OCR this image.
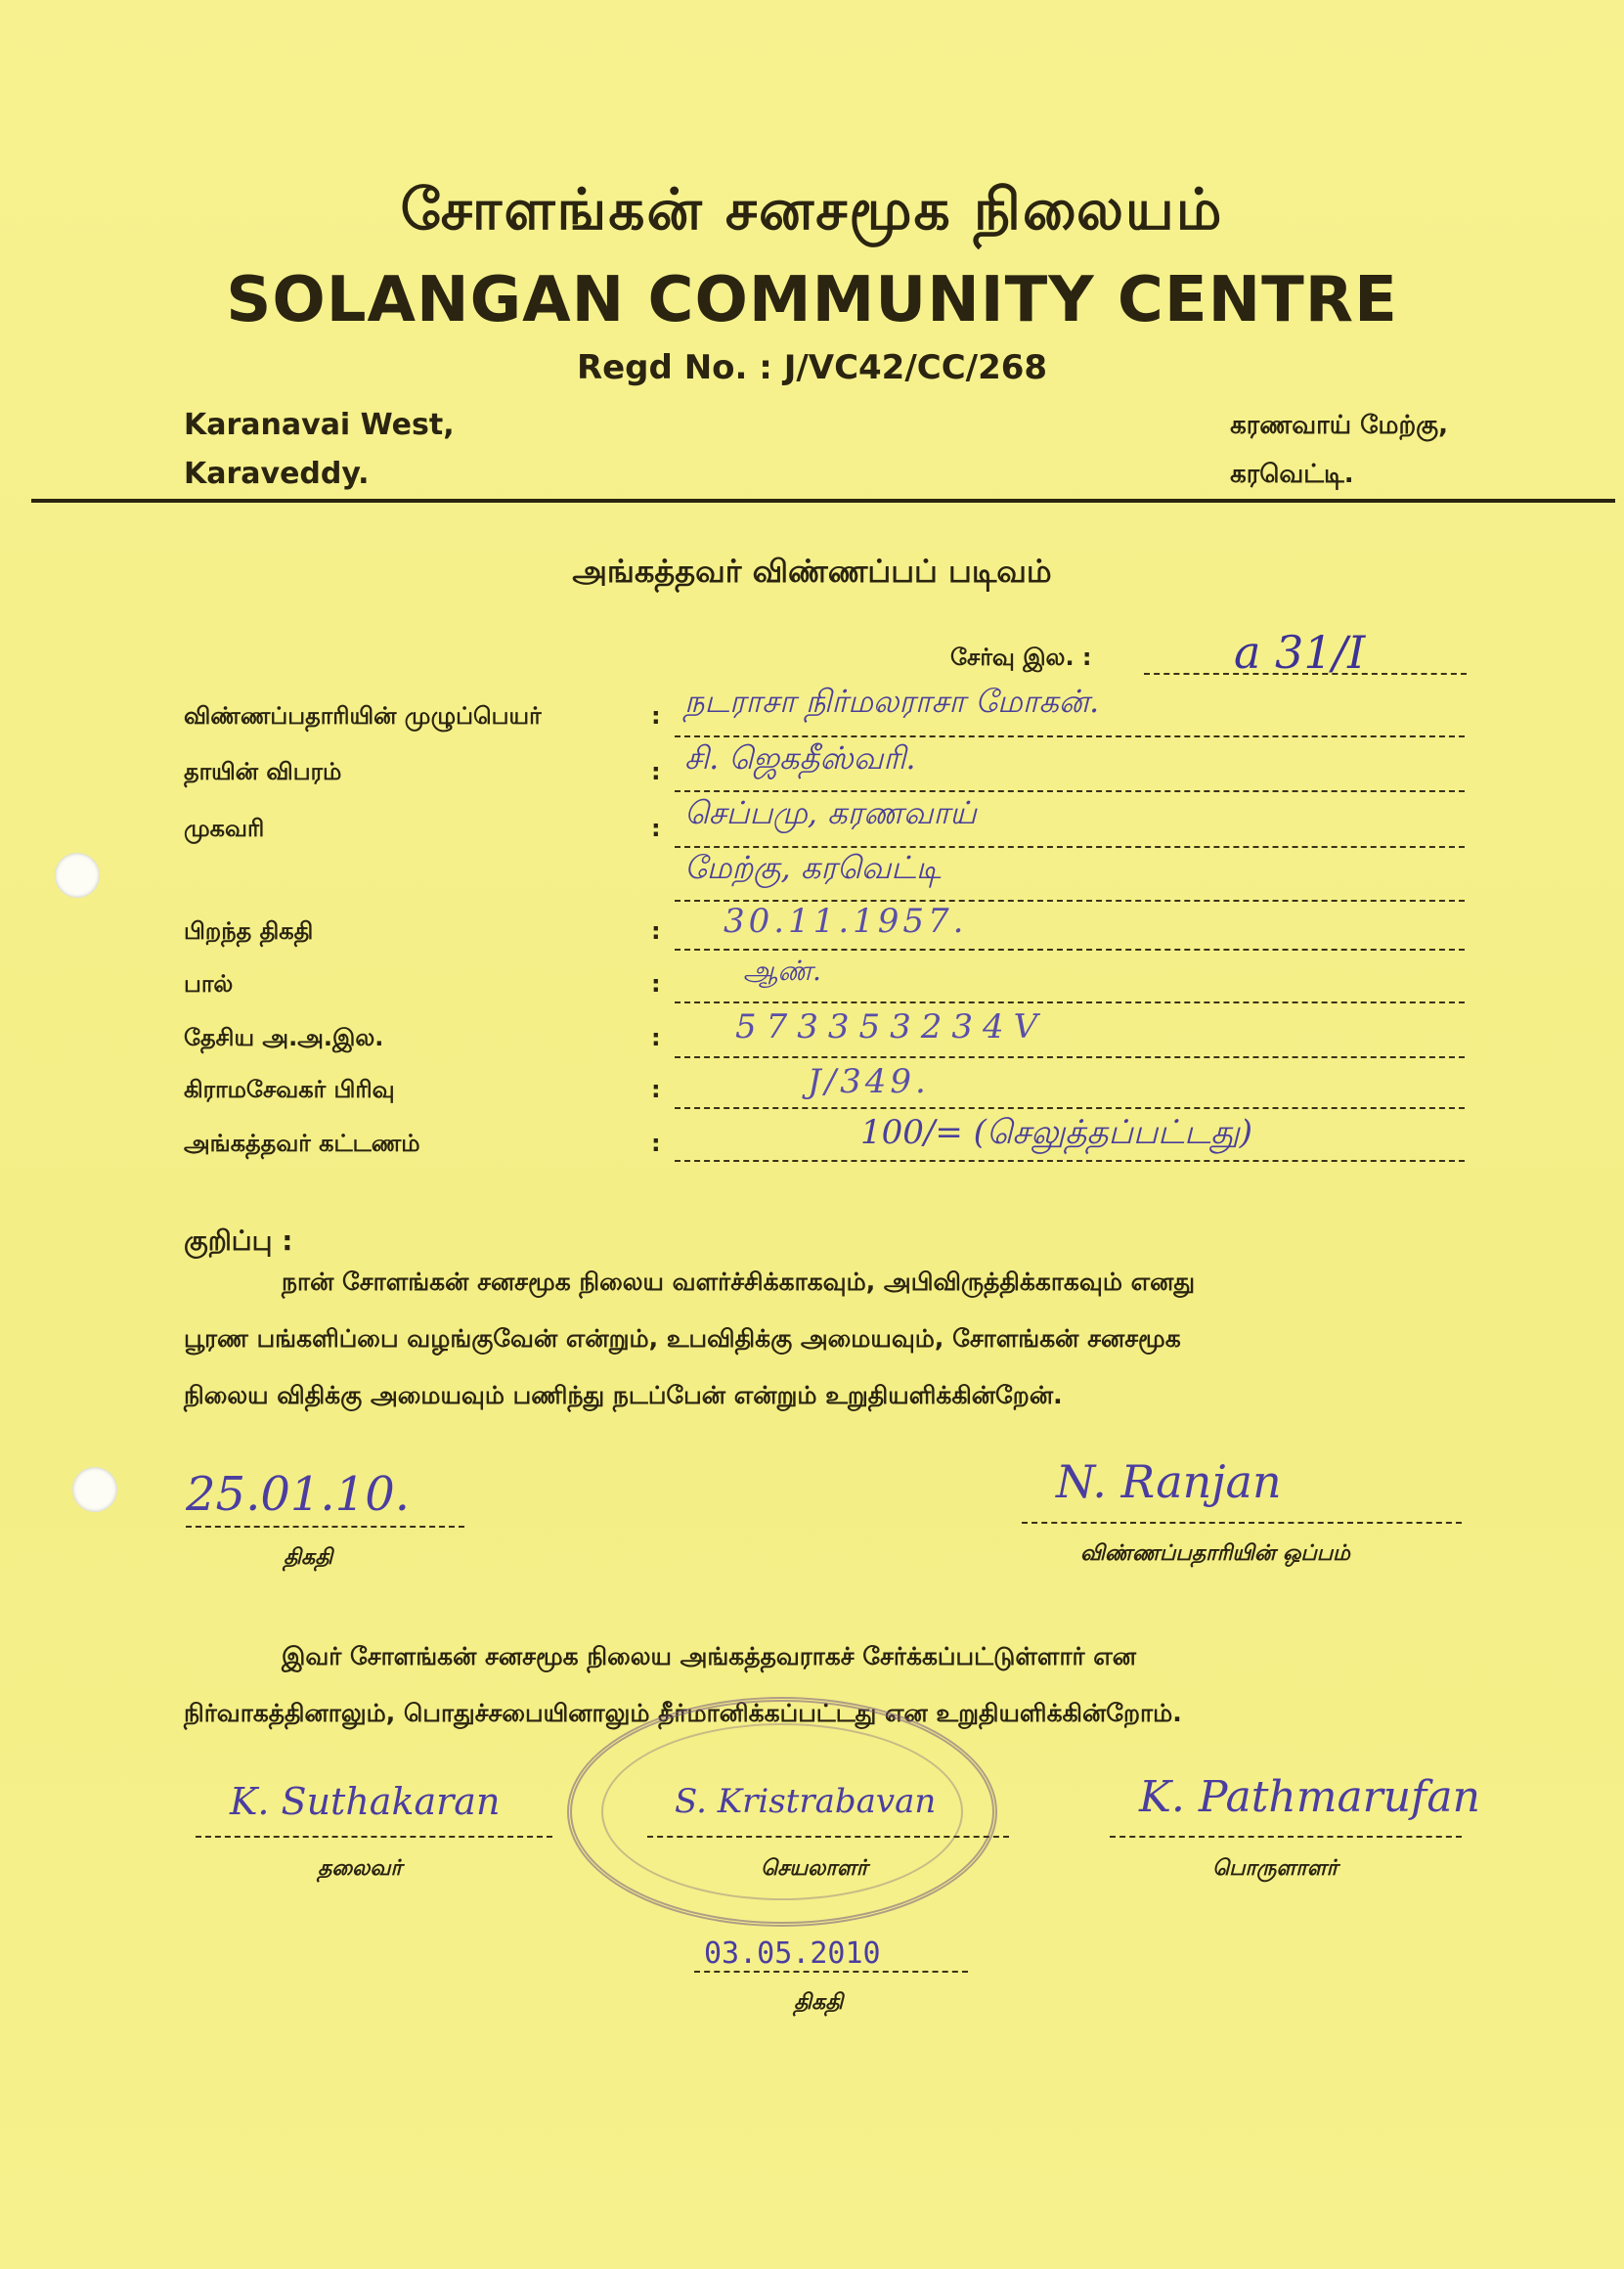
சோளங்கன் சனசமூக நிலையம்
SOLANGAN COMMUNITY CENTRE
Regd No. : J/VC42/CC/268
Karanavai West,
Karaveddy.
கரணவாய் மேற்கு,
கரவெட்டி.
அங்கத்தவர் விண்ணப்பப் படிவம்
சேர்வு இல. :	a 31/I
விண்ணப்பதாரியின் முழுப்பெயர்	: நடராசா நிர்மலராசா மோகன்.
தாயின் விபரம்	: சி. ஜெகதீஸ்வரி.
முகவரி	: செப்பமு, கரணவாய்
மேற்கு, கரவெட்டி
பிறந்த திகதி	: 30.11.1957.
பால்	:	ஆண்.
தேசிய அ.அ.இல.	: 573353234V
கிராமசேவகர் பிரிவு	:	J/349.
அங்கத்தவர் கட்டணம்	:	100/= (செலுத்தப்பட்டது)
குறிப்பு :
நான் சோளங்கன் சனசமூக நிலைய வளர்ச்சிக்காகவும், அபிவிருத்திக்காகவும் எனது
பூரண பங்களிப்பை வழங்குவேன் என்றும், உபவிதிக்கு அமையவும், சோளங்கன் சனசமூக
நிலைய விதிக்கு அமையவும் பணிந்து நடப்பேன் என்றும் உறுதியளிக்கின்றேன்.
25.01.10.
திகதி
N. Ranjan
விண்ணப்பதாரியின் ஒப்பம்
இவர் சோளங்கன் சனசமூக நிலைய அங்கத்தவராகச் சேர்க்கப்பட்டுள்ளார் என
நிர்வாகத்தினாலும், பொதுச்சபையினாலும் தீர்மானிக்கப்பட்டது என உறுதியளிக்கின்றோம்.
K. Suthakaran
தலைவர்
S. Kristrabavan
செயலாளர்
K. Pathmarufan
பொருளாளர்
03.05.2010
திகதி
